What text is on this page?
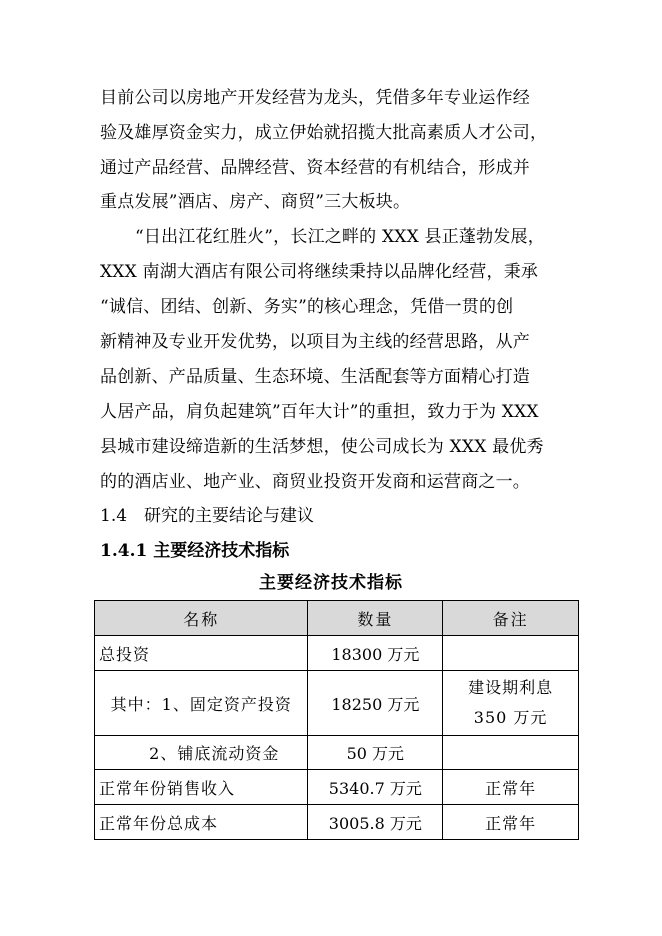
目前公司以房地产开发经营为龙头，凭借多年专业运作经
验及雄厚资金实力，成立伊始就招揽大批高素质人才公司，
通过产品经营、品牌经营、资本经营的有机结合，形成并
重点发展”酒店、房产、商贸”三大板块。
“日出江花红胜火”，长江之畔的 XXX 县正蓬勃发展，
XXX 南湖大酒店有限公司将继续秉持以品牌化经营，秉承
“诚信、团结、创新、务实”的核心理念，凭借一贯的创
新精神及专业开发优势，以项目为主线的经营思路，从产
品创新、产品质量、生态环境、生活配套等方面精心打造
人居产品，肩负起建筑”百年大计”的重担，致力于为 XXX
县城市建设缔造新的生活梦想，使公司成长为 XXX 最优秀
的的酒店业、地产业、商贸业投资开发商和运营商之一。
1.4　研究的主要结论与建议
1.4.1 主要经济技术指标
主要经济技术指标
名称	数量	备注
总投资	18300 万元	
其中：1、固定资产投资	18250 万元	建设期利息
350 万元

2、铺底流动资金	50 万元	
正常年份销售收入	5340.7 万元	正常年
正常年份总成本	3005.8 万元	正常年
